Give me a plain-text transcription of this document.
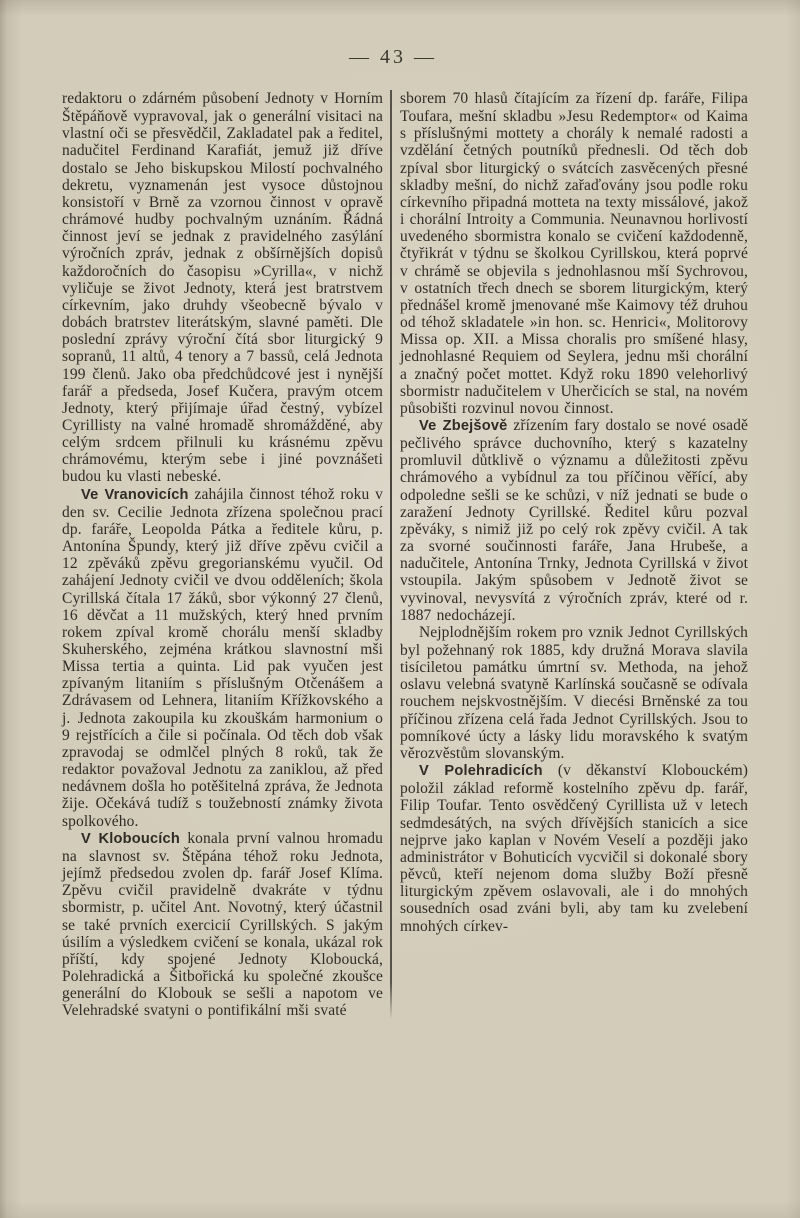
— 43 —

redaktoru o zdárném působení Jednoty v Horním Štěpáňově vypravoval, jak o generální visitaci na vlastní oči se přesvědčil, Zakladatel pak a ředitel, nadučitel Ferdinand Karafiát, jemuž již dříve dostalo se Jeho biskupskou Milostí pochvalného dekretu, vyznamenán jest vysoce důstojnou konsistoří v Brně za vzornou činnost v opravě chrámové hudby pochvalným uznáním. Řádná činnost jeví se jednak z pravidelného zasýlání výročních zpráv, jednak z obšírnějších dopisů každoročních do časopisu »Cyrilla«, v nichž vyličuje se život Jednoty, která jest bratrstvem církevním, jako druhdy všeobecně bývalo v dobách bratrstev literátským, slavné paměti. Dle poslední zprávy výroční čítá sbor liturgický 9 sopranů, 11 altů, 4 tenory a 7 bassů, celá Jednota 199 členů. Jako oba předchůdcové jest i nynější farář a předseda, Josef Kučera, pravým otcem Jednoty, který přijímaje úřad čestný, vybízel Cyrillisty na valné hromadě shromážděné, aby celým srdcem přilnuli ku krásnému zpěvu chrámovému, kterým sebe i jiné povznášeti budou ku vlasti nebeské.

Ve Vranovicích zahájila činnost téhož roku v den sv. Cecilie Jednota zřízena společnou prací dp. faráře, Leopolda Pátka a ředitele kůru, p. Antonína Špundy, který již dříve zpěvu cvičil a 12 zpěváků zpěvu gregorianskému vyučil. Od zahájení Jednoty cvičil ve dvou odděleních; škola Cyrillská čítala 17 žáků, sbor výkonný 27 členů, 16 děvčat a 11 mužských, který hned prvním rokem zpíval kromě chorálu menší skladby Skuherského, zejména krátkou slavnostní mši Missa tertia a quinta. Lid pak vyučen jest zpívaným litaniím s příslušným Otčenášem a Zdrávasem od Lehnera, litaniím Křížkovského a j. Jednota zakoupila ku zkouškám harmonium o 9 rejstřících a čile si počínala. Od těch dob však zpravodaj se odmlčel plných 8 roků, tak že redaktor považoval Jednotu za zaniklou, až před nedávnem došla ho potěšitelná zpráva, že Jednota žije. Očekává tudíž s toužebností známky života spolkového.

V Kloboucích konala první valnou hromadu na slavnost sv. Štěpána téhož roku Jednota, jejímž předsedou zvolen dp. farář Josef Klíma. Zpěvu cvičil pravidelně dvakráte v týdnu sbormistr, p. učitel Ant. Novotný, který účastnil se také prvních exercicií Cyrillských. S jakým úsilím a výsledkem cvičení se konala, ukázal rok příští, kdy spojené Jednoty Kloboucká, Polehradická a Šitbořická ku společné zkoušce generální do Klobouk se sešli a napotom ve Velehradské svatyni o pontifikální mši svaté

sborem 70 hlasů čítajícím za řízení dp. faráře, Filipa Toufara, mešní skladbu »Jesu Redemptor« od Kaima s příslušnými mottety a chorály k nemalé radosti a vzdělání četných poutníků přednesli. Od těch dob zpíval sbor liturgický o svátcích zasvěcených přesné skladby mešní, do nichž zařaďovány jsou podle roku církevního připadná motteta na texty missálové, jakož i chorální Introity a Communia. Neunavnou horlivostí uvedeného sbormistra konalo se cvičení každodenně, čtyřikrát v týdnu se školkou Cyrillskou, která poprvé v chrámě se objevila s jednohlasnou mší Sychrovou, v ostatních třech dnech se sborem liturgickým, který přednášel kromě jmenované mše Kaimovy též druhou od téhož skladatele »in hon. sc. Henrici«, Molitorovy Missa op. XII. a Missa choralis pro smíšené hlasy, jednohlasné Requiem od Seylera, jednu mši chorální a značný počet mottet. Když roku 1890 velehorlivý sbormistr nadučitelem v Uherčicích se stal, na novém působišti rozvinul novou činnost.

Ve Zbejšově zřízením fary dostalo se nové osadě pečlivého správce duchovního, který s kazatelny promluvil důtklivě o významu a důležitosti zpěvu chrámového a vybídnul za tou příčinou věřící, aby odpoledne sešli se ke schůzi, v níž jednati se bude o zaražení Jednoty Cyrillské. Ředitel kůru pozval zpěváky, s nimiž již po celý rok zpěvy cvičil. A tak za svorné součinnosti faráře, Jana Hrubeše, a nadučitele, Antonína Trnky, Jednota Cyrillská v život vstoupila. Jakým spůsobem v Jednotě život se vyvinoval, nevysvítá z výročních zpráv, které od r. 1887 nedocházejí.

Nejplodnějším rokem pro vznik Jednot Cyrillských byl požehnaný rok 1885, kdy družná Morava slavila tisíciletou památku úmrtní sv. Methoda, na jehož oslavu velebná svatyně Karlínská současně se odívala rouchem nejskvostnějším. V diecési Brněnské za tou příčinou zřízena celá řada Jednot Cyrillských. Jsou to pomníkové úcty a lásky lidu moravského k svatým věrozvěstům slovanským.

V Polehradicích (v děkanství Klobouckém) položil základ reformě kostelního zpěvu dp. farář, Filip Toufar. Tento osvědčený Cyrillista už v letech sedmdesátých, na svých dřívějších stanicích a sice nejprve jako kaplan v Novém Veselí a později jako administrátor v Bohuticích vycvičil si dokonalé sbory pěvců, kteří nejenom doma služby Boží přesně liturgickým zpěvem oslavovali, ale i do mnohých sousedních osad zváni byli, aby tam ku zvelebení mnohých církev-
